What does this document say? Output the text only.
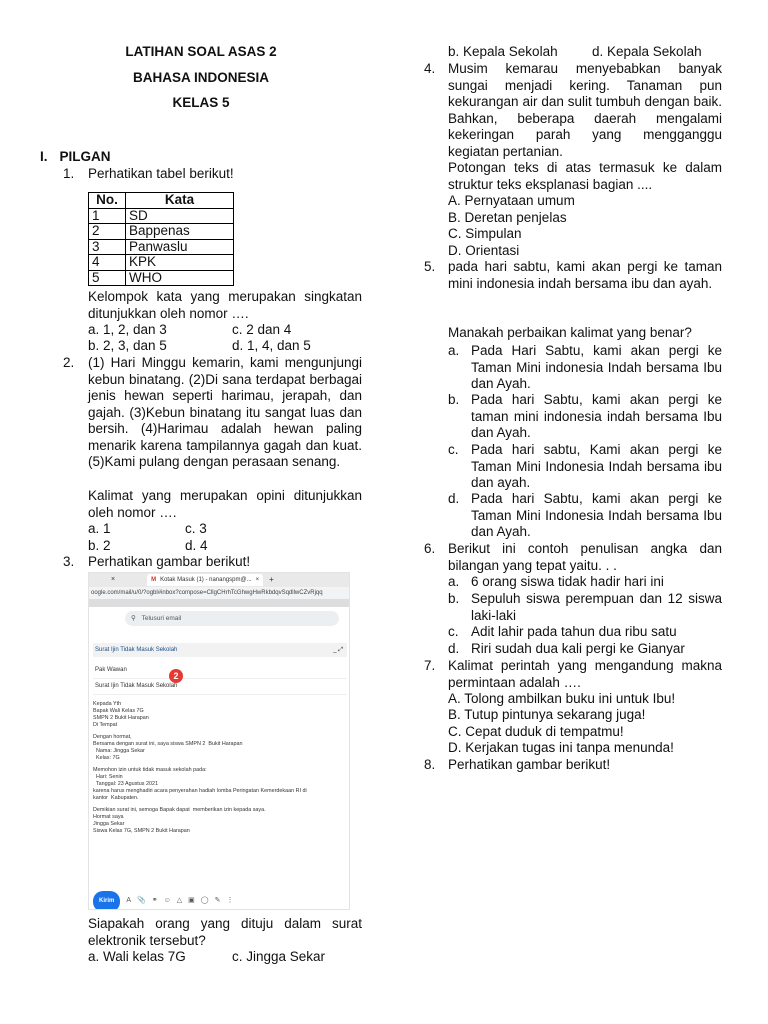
LATIHAN SOAL ASAS 2
BAHASA INDONESIA
KELAS 5
I. PILGAN
1. Perhatikan tabel berikut!
No.	Kata
1	SD
2	Bappenas
3	Panwaslu
4	KPK
5	WHO
Kelompok kata yang merupakan singkatan ditunjukkan oleh nomor ….
a. 1, 2, dan 3	c. 2 dan 4
b. 2, 3, dan 5	d. 1, 4, dan 5
2. (1) Hari Minggu kemarin, kami mengunjungi kebun binatang. (2)Di sana terdapat berbagai jenis hewan seperti harimau, jerapah, dan gajah. (3)Kebun binatang itu sangat luas dan bersih. (4)Harimau adalah hewan paling menarik karena tampilannya gagah dan kuat. (5)Kami pulang dengan perasaan senang.
Kalimat yang merupakan opini ditunjukkan oleh nomor ….
a. 1	c. 3
b. 2	d. 4
3. Perhatikan gambar berikut!
Siapakah orang yang dituju dalam surat elektronik tersebut?
a. Wali kelas 7G	c. Jingga Sekar
×	M Kotak Masuk (1) - nanangspm@... × +
oogle.com/mail/u/0/?ogbl#inbox?compose=CllgCHrhTcGhwgHwRkbdqvSqdllwCZvRjqq
⚲ Telusuri email
Surat Ijin Tidak Masuk Sekolah	_ ⤢
Pak Wawan
Surat Ijin Tidak Masuk Sekolah
Kepada Yth
Bapak Wali Kelas 7G
SMPN 2 Bukit Harapan
Di Tempat
Dengan hormat,
Bersama dengan surat ini, saya siswa SMPN 2  Bukit Harapan
Nama: Jingga Sekar
Kelas: 7G
Memohon izin untuk tidak masuk sekolah pada:
Hari: Senin
Tanggal: 23 Agustus 2021
karena harus menghadiri acara penyerahan hadiah lomba Peringatan Kemerdekaan RI di
kantor  Kabupaten.
Demikian surat ini, semoga Bapak dapat  memberikan izin kepada saya.
Hormat saya
Jingga Sekar
Siswa Kelas 7G, SMPN 2 Bukit Harapan
2
Kirim	A 📎 ⚭ ☺ △ ▣ ◯ ✎ ⋮
b. Kepala Sekolah	d. Kepala Sekolah
4. Musim kemarau menyebabkan banyak sungai menjadi kering. Tanaman pun kekurangan air dan sulit tumbuh dengan baik. Bahkan, beberapa daerah mengalami kekeringan parah yang mengganggu kegiatan pertanian.
Potongan teks di atas termasuk ke dalam struktur teks eksplanasi bagian ....
A. Pernyataan umum
B. Deretan penjelas
C. Simpulan
D. Orientasi
5. pada hari sabtu, kami akan pergi ke taman mini indonesia indah bersama ibu dan ayah.
Manakah perbaikan kalimat yang benar?
a. Pada Hari Sabtu, kami akan pergi ke Taman Mini indonesia Indah bersama Ibu dan Ayah.
b. Pada hari Sabtu, kami akan pergi ke taman mini indonesia indah bersama Ibu dan Ayah.
c. Pada hari sabtu, Kami akan pergi ke Taman Mini Indonesia Indah bersama ibu dan ayah.
d. Pada hari Sabtu, kami akan pergi ke Taman Mini Indonesia Indah bersama Ibu dan Ayah.
6. Berikut ini contoh penulisan angka dan bilangan yang tepat yaitu. . .
a. 6 orang siswa tidak hadir hari ini
b. Sepuluh siswa perempuan dan 12 siswa laki-laki
c. Adit lahir pada tahun dua ribu satu
d. Riri sudah dua kali pergi ke Gianyar
7. Kalimat perintah yang mengandung makna permintaan adalah ….
A. Tolong ambilkan buku ini untuk Ibu!
B. Tutup pintunya sekarang juga!
C. Cepat duduk di tempatmu!
D. Kerjakan tugas ini tanpa menunda!
8. Perhatikan gambar berikut!
